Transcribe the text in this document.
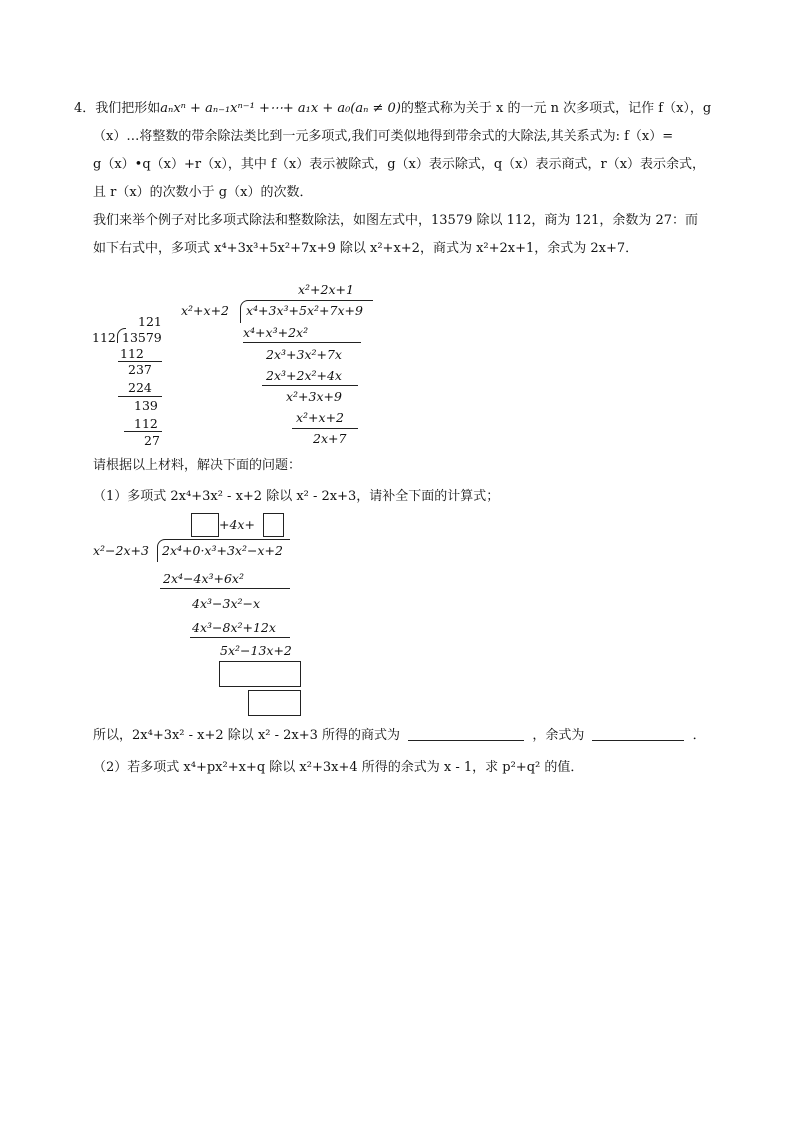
4．我们把形如aₙxⁿ + aₙ₋₁xⁿ⁻¹ +⋯+ a₁x + a₀(aₙ ≠ 0)的整式称为关于 x 的一元 n 次多项式，记作 f（x），g
（x）…将整数的带余除法类比到一元多项式,我们可类似地得到带余式的大除法,其关系式为: f（x）=
g（x）•q（x）+r（x），其中 f（x）表示被除式，g（x）表示除式，q（x）表示商式，r（x）表示余式，
且 r（x）的次数小于 g（x）的次数．
我们来举个例子对比多项式除法和整数除法，如图左式中，13579 除以 112，商为 121，余数为 27：而
如下右式中，多项式 x⁴+3x³+5x²+7x+9 除以 x²+x+2，商式为 x²+2x+1，余式为 2x+7．
121
112 13579
112
237
224
139
112
27
x²+2x+1
x²+x+2 x⁴+3x³+5x²+7x+9
x⁴+x³+2x²
2x³+3x²+7x
2x³+2x²+4x
x²+3x+9
x²+x+2
2x+7
请根据以上材料，解决下面的问题：
（1）多项式 2x⁴+3x² - x+2 除以 x² - 2x+3，请补全下面的计算式；
+4x+
x²−2x+3 2x⁴+0·x³+3x²−x+2
2x⁴−4x³+6x²
4x³−3x²−x
4x³−8x²+12x
5x²−13x+2
所以，2x⁴+3x² - x+2 除以 x² - 2x+3 所得的商式为	，余式为	．
（2）若多项式 x⁴+px²+x+q 除以 x²+3x+4 所得的余式为 x - 1，求 p²+q² 的值．
